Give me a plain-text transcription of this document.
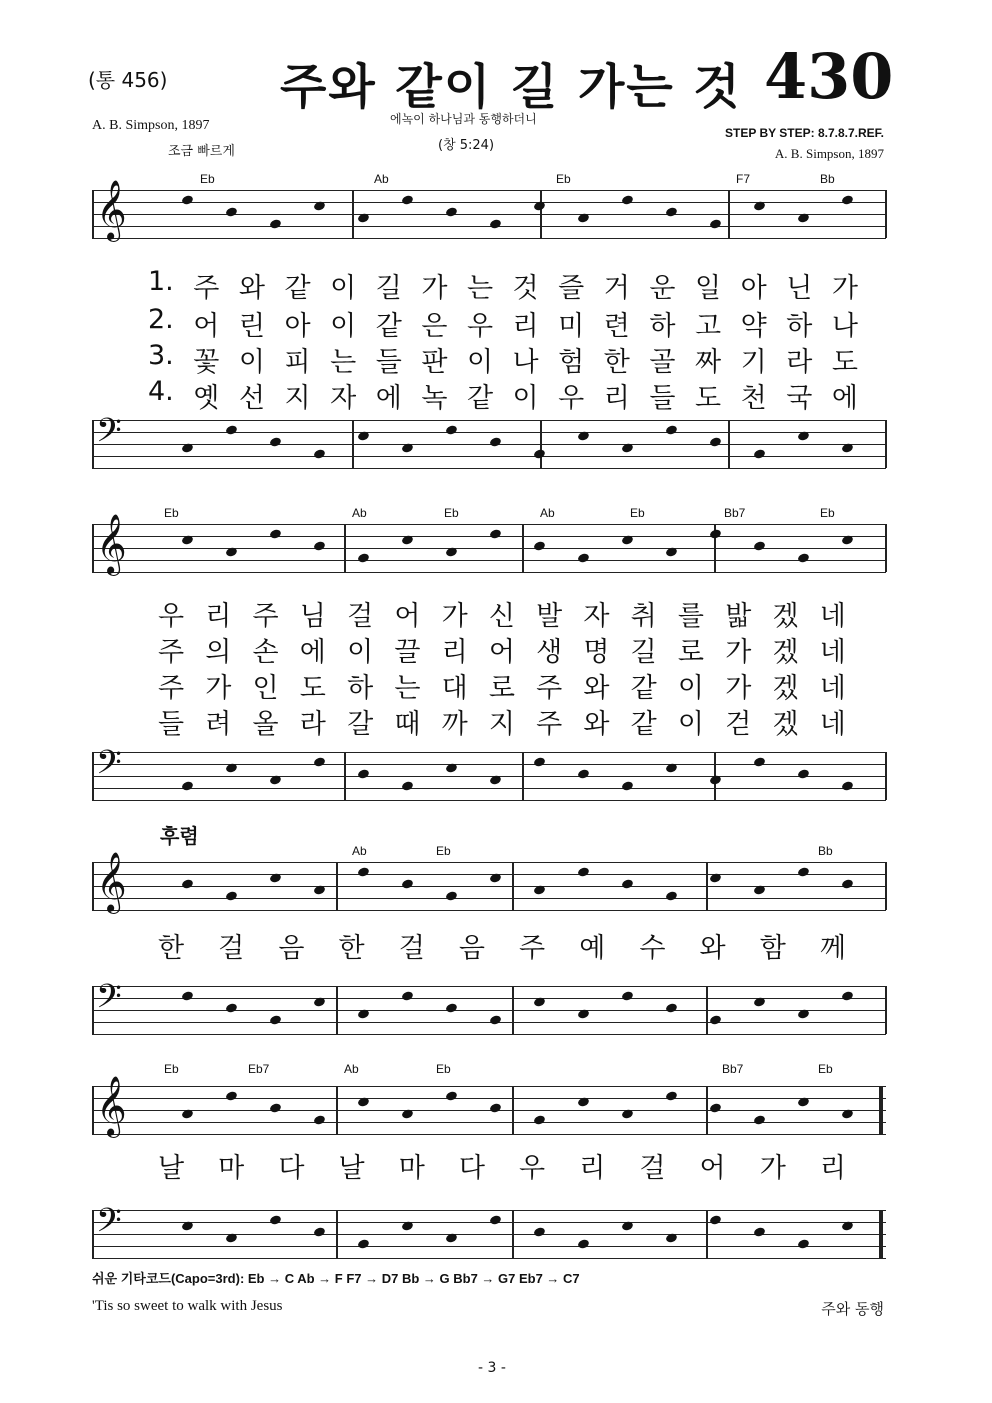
(통 456) 주와 같이 길 가는 것 430
A. B. Simpson, 1897
조금 빠르게
에녹이 하나님과 동행하더니
(창 5:24)
STEP BY STEP: 8.7.8.7.REF.
A. B. Simpson, 1897
𝄞
Eb	Ab	Eb	F7	Bb
1. 주 와 같 이 길 가 는 것 즐 거 운 일 아 닌 가
2. 어 린 아 이 같 은 우 리 미 련 하 고 약 하 나
3. 꽃 이 피 는 들 판 이 나 험 한 골 짜 기 라 도
4. 옛 선 지 자 에 녹 같 이 우 리 들 도 천 국 에
𝄢
𝄞
Eb	Ab	Eb	Ab	Eb	Bb7	Eb
우 리 주 님 걸 어 가 신 발 자 취 를 밟 겠 네
주 의 손 에 이 끌 리 어 생 명 길 로 가 겠 네
주 가 인 도 하 는 대 로 주 와 같 이 가 겠 네
들 려 올 라 갈 때 까 지 주 와 같 이 걷 겠 네
𝄢
후렴
𝄞
Ab	Eb	Bb
한 걸 음 한 걸 음 주 예 수 와 함 께
𝄢
𝄞
Eb	Eb7	Ab	Eb	Bb7	Eb
날 마 다 날 마 다 우 리 걸 어 가 리
𝄢
쉬운 기타코드(Capo=3rd): Eb → C Ab → F F7 → D7 Bb → G Bb7 → G7 Eb7 → C7
'Tis so sweet to walk with Jesus	주와 동행
- 3 -
